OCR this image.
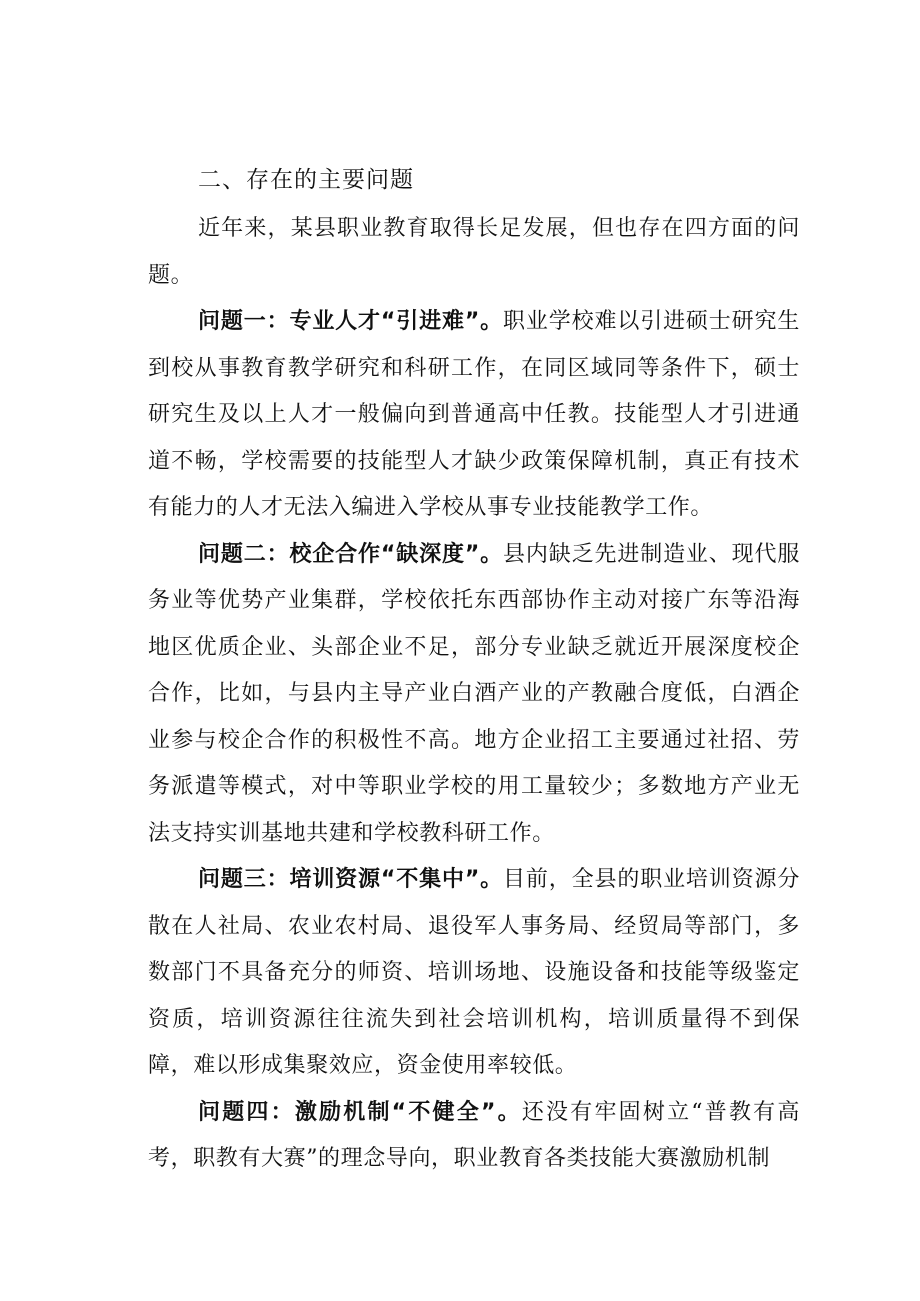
二、存在的主要问题

近年来，某县职业教育取得长足发展，但也存在四方面的问题。

问题一：专业人才“引进难”。职业学校难以引进硕士研究生到校从事教育教学研究和科研工作，在同区域同等条件下，硕士研究生及以上人才一般偏向到普通高中任教。技能型人才引进通道不畅，学校需要的技能型人才缺少政策保障机制，真正有技术有能力的人才无法入编进入学校从事专业技能教学工作。

问题二：校企合作“缺深度”。县内缺乏先进制造业、现代服务业等优势产业集群，学校依托东西部协作主动对接广东等沿海地区优质企业、头部企业不足，部分专业缺乏就近开展深度校企合作，比如，与县内主导产业白酒产业的产教融合度低，白酒企业参与校企合作的积极性不高。地方企业招工主要通过社招、劳务派遣等模式，对中等职业学校的用工量较少；多数地方产业无法支持实训基地共建和学校教科研工作。

问题三：培训资源“不集中”。目前，全县的职业培训资源分散在人社局、农业农村局、退役军人事务局、经贸局等部门，多数部门不具备充分的师资、培训场地、设施设备和技能等级鉴定资质，培训资源往往流失到社会培训机构，培训质量得不到保障，难以形成集聚效应，资金使用率较低。

问题四：激励机制“不健全”。还没有牢固树立“普教有高考，职教有大赛”的理念导向，职业教育各类技能大赛激励机制
